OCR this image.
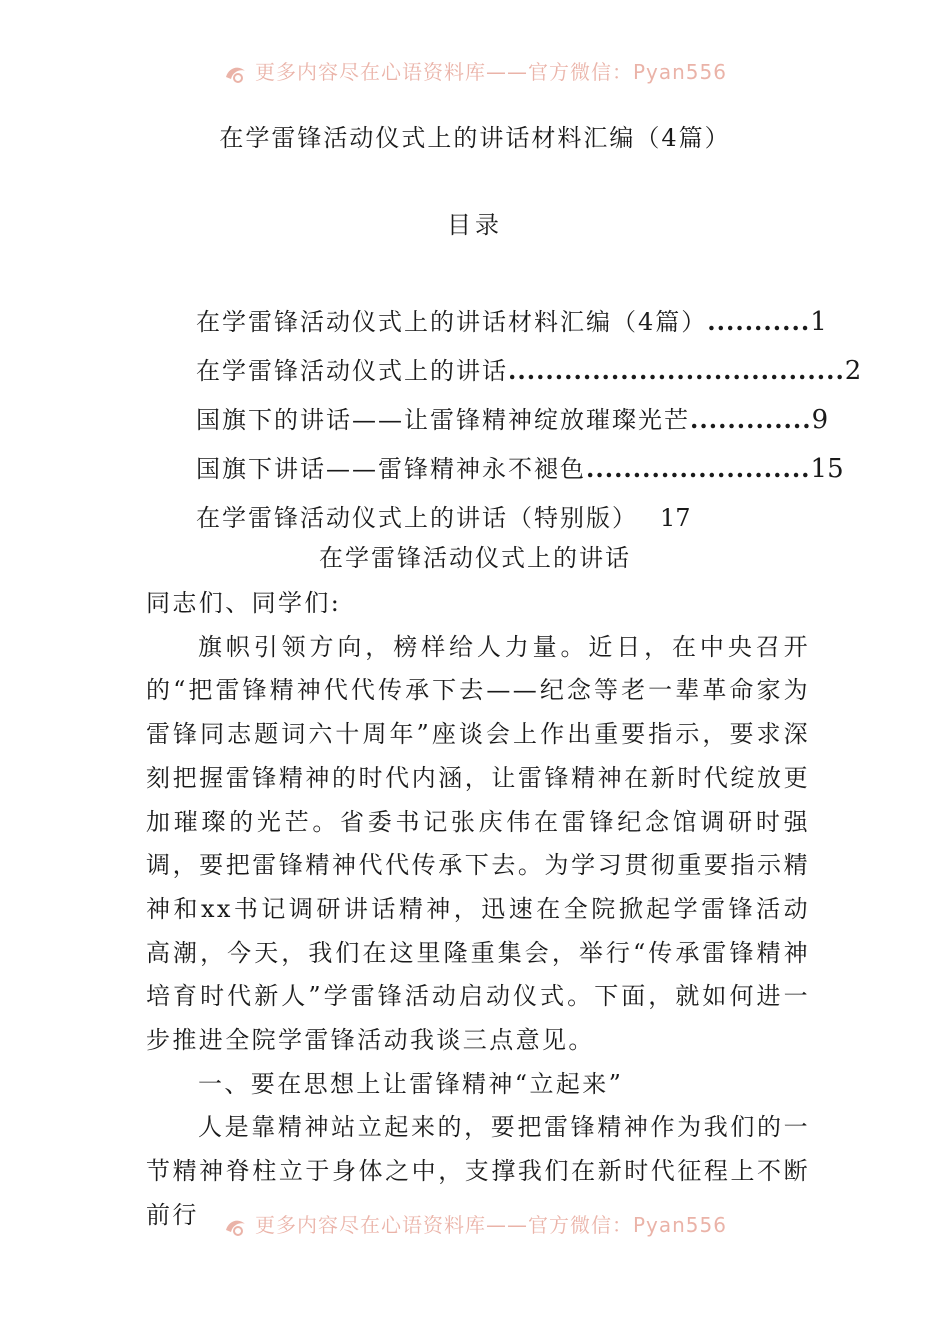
更多内容尽在心语资料库——官方微信：Pyan556
在学雷锋活动仪式上的讲话材料汇编（4篇）
目录
在学雷锋活动仪式上的讲话材料汇编（4篇） ........... 1
在学雷锋活动仪式上的讲话 .................................... 2
国旗下的讲话——让雷锋精神绽放璀璨光芒 ............. 9
国旗下讲话——雷锋精神永不褪色 ........................ 15
在学雷锋活动仪式上的讲话（特别版） 17
在学雷锋活动仪式上的讲话

同志们、同学们:

旗帜引领方向，榜样给人力量。近日，在中央召开的“把雷锋精神代代传承下去——纪念等老一辈革命家为雷锋同志题词六十周年”座谈会上作出重要指示，要求深刻把握雷锋精神的时代内涵，让雷锋精神在新时代绽放更加璀璨的光芒。省委书记张庆伟在雷锋纪念馆调研时强调，要把雷锋精神代代传承下去。为学习贯彻重要指示精神和xx书记调研讲话精神，迅速在全院掀起学雷锋活动高潮，今天，我们在这里隆重集会，举行“传承雷锋精神培育时代新人”学雷锋活动启动仪式。下面，就如何进一步推进全院学雷锋活动我谈三点意见。

一、要在思想上让雷锋精神“立起来”

人是靠精神站立起来的，要把雷锋精神作为我们的一节精神脊柱立于身体之中，支撑我们在新时代征程上不断前行	更多内容尽在心语资料库——官方微信：Pyan556
